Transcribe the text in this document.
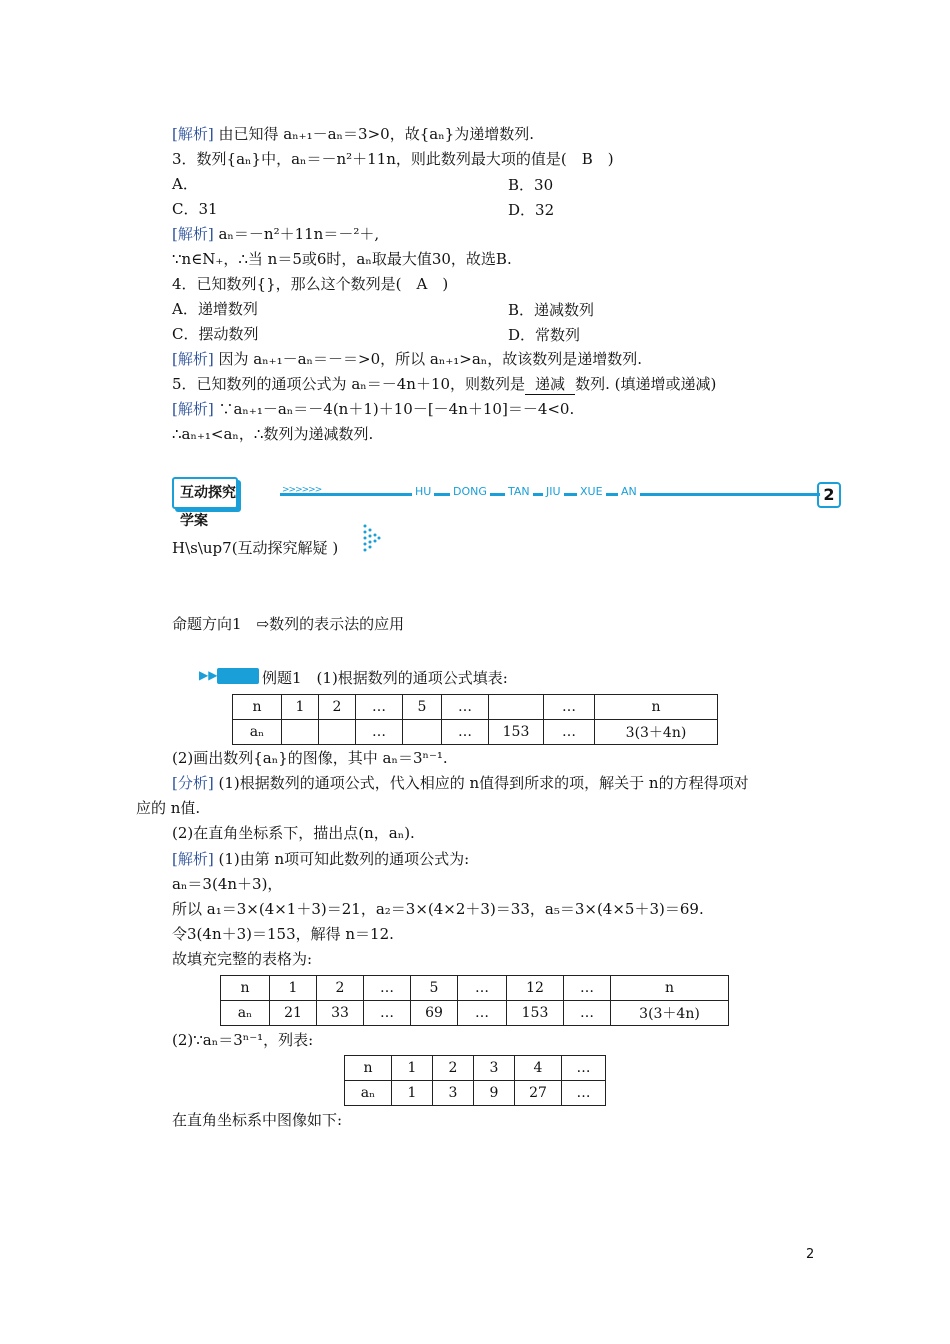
[解析] 由已知得 aₙ₊₁－aₙ＝3>0，故{aₙ}为递增数列.
3．数列{aₙ}中，aₙ＝－n²＋11n，则此数列最大项的值是(　B　)
A．	B．30
C．31	D．32
[解析] aₙ＝－n²＋11n＝－²＋,
∵n∈N₊，∴当 n＝5或6时，aₙ取最大值30，故选B.
4．已知数列{}，那么这个数列是(　A　)
A．递增数列	B．递减数列
C．摆动数列	D．常数列
[解析] 因为 aₙ₊₁－aₙ＝－＝>0，所以 aₙ₊₁>aₙ，故该数列是递增数列.
5．已知数列的通项公式为 aₙ＝－4n＋10，则数列是 递减 数列. (填递增或递减)
[解析] ∵aₙ₊₁－aₙ＝－4(n＋1)＋10－[－4n＋10]＝－4<0.
∴aₙ₊₁<aₙ，∴数列为递减数列.
>>>>>>	HU DONG TAN JIU XUE AN
互动探究学案
2
H\s\up7(互动探究解疑 )
命题方向1　⇨数列的表示法的应用
▶▶	例题1　(1)根据数列的通项公式填表:
n	1	2	…	5	…		…	n
aₙ			…		…	153	…	3(3＋4n)
(2)画出数列{aₙ}的图像，其中 aₙ＝3ⁿ⁻¹.
[分析] (1)根据数列的通项公式，代入相应的 n值得到所求的项，解关于 n的方程得项对
应的 n值.
(2)在直角坐标系下，描出点(n，aₙ).
[解析] (1)由第 n项可知此数列的通项公式为:
aₙ＝3(4n＋3)，
所以 a₁＝3×(4×1＋3)＝21，a₂＝3×(4×2＋3)＝33，a₅＝3×(4×5＋3)＝69.
令3(4n＋3)＝153，解得 n＝12.
故填充完整的表格为:
n	1	2	…	5	…	12	…	n
aₙ	21	33	…	69	…	153	…	3(3＋4n)
(2)∵aₙ＝3ⁿ⁻¹，列表:
n	1	2	3	4	…
aₙ	1	3	9	27	…
在直角坐标系中图像如下:
2
